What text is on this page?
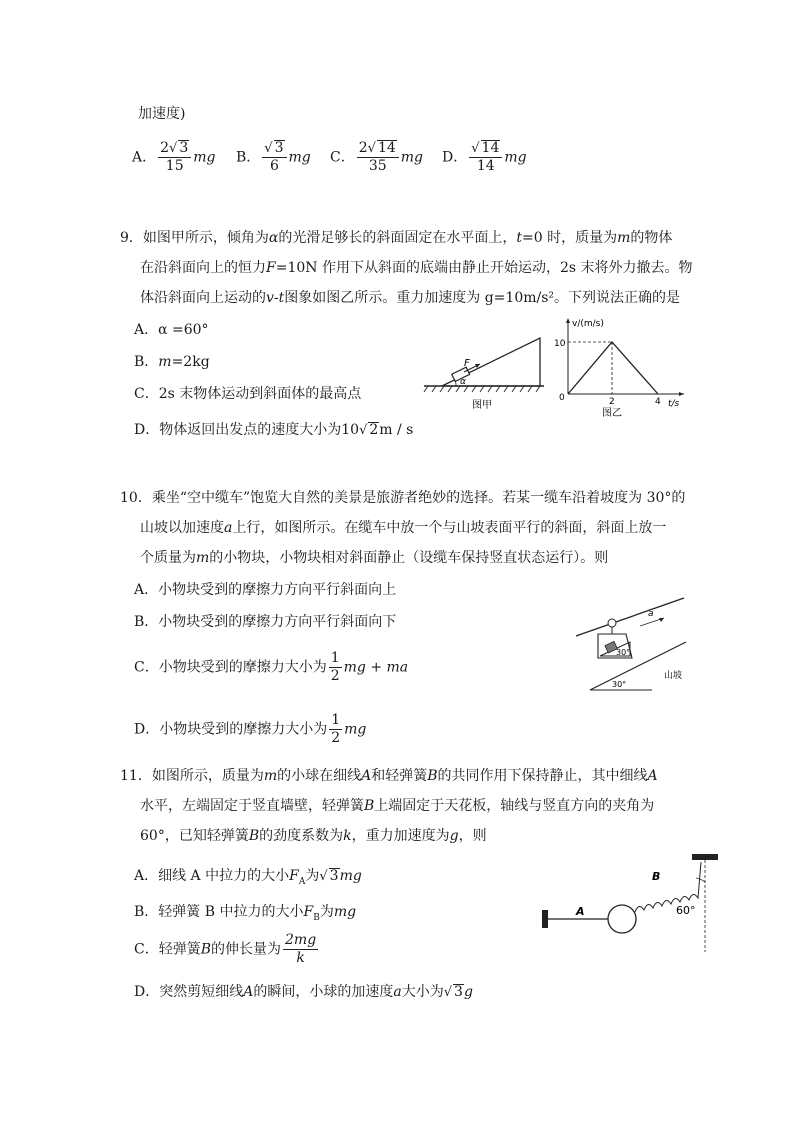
加速度)
A． $\frac{2√ 3}{15}$ mg B． $\frac{√ 3}{6}$ mg C． $\frac{2√ 14}{35}$ mg D． $\frac{√ 14}{14}$ mg
9．如图甲所示，倾角为α的光滑足够长的斜面固定在水平面上，t=0 时，质量为m的物体
在沿斜面向上的恒力F=10N 作用下从斜面的底端由静止开始运动，2s 末将外力撤去。物
体沿斜面向上运动的v-t图象如图乙所示。重力加速度为 g=10m/s²。下列说法正确的是
A．α =60°
B．m=2kg
C．2s 末物体运动到斜面体的最高点
D．物体返回出发点的速度大小为10√ 2m / s
F
α
图甲
v/(m/s)
t/s
10
0	2	4
图乙
10．乘坐“空中缆车”饱览大自然的美景是旅游者绝妙的选择。若某一缆车沿着坡度为 30°的
山坡以加速度a上行，如图所示。在缆车中放一个与山坡表面平行的斜面，斜面上放一
个质量为m的小物块，小物块相对斜面静止（设缆车保持竖直状态运行）。则
A．小物块受到的摩擦力方向平行斜面向上
B．小物块受到的摩擦力方向平行斜面向下
C．小物块受到的摩擦力大小为 $\frac{1}{2}$ mg + ma
D．小物块受到的摩擦力大小为 $\frac{1}{2}$ mg
30°
a
30°
山坡
11．如图所示，质量为m的小球在细线A和轻弹簧B的共同作用下保持静止，其中细线A
水平，左端固定于竖直墙壁，轻弹簧B上端固定于天花板，轴线与竖直方向的夹角为
60°，已知轻弹簧B的劲度系数为k，重力加速度为g，则
A．细线 A 中拉力的大小$F_A$为√ 3mg
B．轻弹簧 B 中拉力的大小$F_B$为mg
C．轻弹簧B的伸长量为 $\frac{2mg}{k}$
D．突然剪短细线A的瞬间，小球的加速度a大小为√ 3g
A
B
60°
